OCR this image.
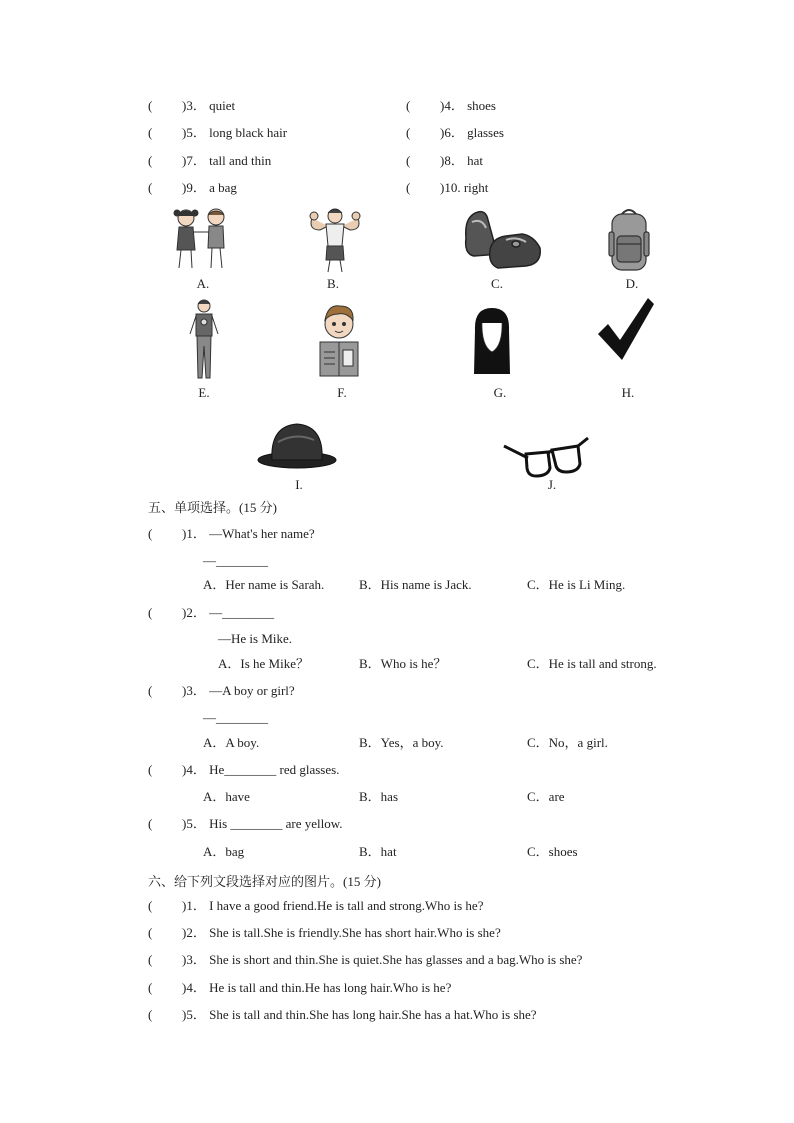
( )3． quiet	( )4． shoes
( )5． long black hair	( )6． glasses
( )7． tall and thin	( )8． hat
( )9． a bag	( )10. right
A.	B.	C.	D.
E.	F.	G.	H.
I.	J.
五、单项选择。(15 分)
( )1． —What's her name?
—________
A．Her name is Sarah.	B．His name is Jack.	C．He is Li Ming.
( )2． —________
—He is Mike.
A．Is he Mike？	B．Who is he？	C．He is tall and strong.
( )3． —A boy or girl?
—________
A．A boy.	B．Yes，a boy.	C．No，a girl.
( )4． He________ red glasses.
A．have	B．has	C．are
( )5． His ________ are yellow.
A．bag	B．hat	C．shoes
六、给下列文段选择对应的图片。(15 分)
( )1． I have a good friend.He is tall and strong.Who is he?
( )2． She is tall.She is friendly.She has short hair.Who is she?
( )3． She is short and thin.She is quiet.She has glasses and a bag.Who is she?
( )4． He is tall and thin.He has long hair.Who is he?
( )5． She is tall and thin.She has long hair.She has a hat.Who is she?
